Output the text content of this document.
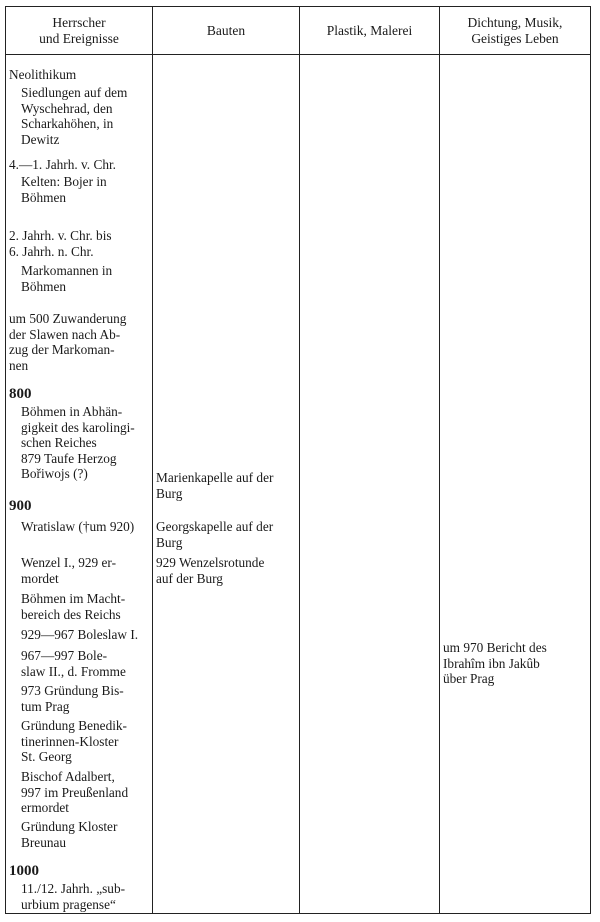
Herrscher
und Ereignisse
Bauten	Plastik, Malerei
Dichtung, Musik,
Geistiges Leben
Neolithikum
Siedlungen auf dem
Wyschehrad, den
Scharkahöhen, in
Dewitz
4.—1. Jahrh. v. Chr.
Kelten: Bojer in
Böhmen
2. Jahrh. v. Chr. bis
6. Jahrh. n. Chr.
Markomannen in
Böhmen
um 500 Zuwanderung
der Slawen nach Ab-
zug der Markoman-
nen
800
Böhmen in Abhän-
gigkeit des karolingi-
schen Reiches
879 Taufe Herzog
Bořiwojs (?)
900
Wratislaw (†um 920)
Wenzel I., 929 er-
mordet
Böhmen im Macht-
bereich des Reichs
929—967 Boleslaw I.
967—997 Bole-
slaw II., d. Fromme
973 Gründung Bis-
tum Prag
Gründung Benedik-
tinerinnen-Kloster
St. Georg
Bischof Adalbert,
997 im Preußenland
ermordet
Gründung Kloster
Breunau
1000
11./12. Jahrh. „sub-
urbium pragense“
Marienkapelle auf der
Burg
Georgskapelle auf der
Burg
929 Wenzelsrotunde
auf der Burg
um 970 Bericht des
Ibrahîm ibn Jakûb
über Prag
